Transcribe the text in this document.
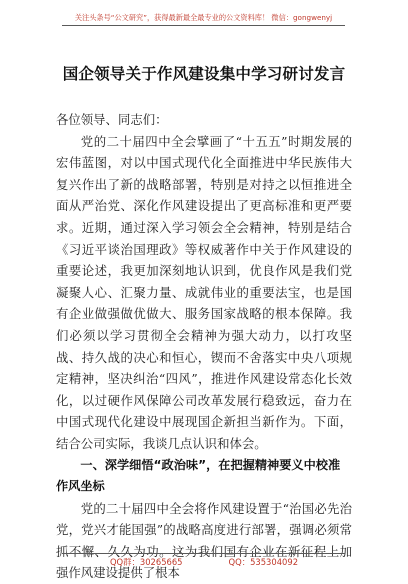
关注头条号“公文研究”，获得最新最全最专业的公文资料库！ 微信：gongwenyj
国企领导关于作风建设集中学习研讨发言

各位领导、同志们：

党的二十届四中全会擘画了“十五五”时期发展的宏伟蓝图，对以中国式现代化全面推进中华民族伟大复兴作出了新的战略部署，特别是对持之以恒推进全面从严治党、深化作风建设提出了更高标准和更严要求。近期，通过深入学习领会全会精神，特别是结合《习近平谈治国理政》等权威著作中关于作风建设的重要论述，我更加深刻地认识到，优良作风是我们党凝聚人心、汇聚力量、成就伟业的重要法宝，也是国有企业做强做优做大、服务国家战略的根本保障。我们必须以学习贯彻全会精神为强大动力，以打攻坚战、持久战的决心和恒心，锲而不舍落实中央八项规定精神，坚决纠治“四风”，推进作风建设常态化长效化，以过硬作风保障公司改革发展行稳致远，奋力在中国式现代化建设中展现国企新担当新作为。下面，结合公司实际，我谈几点认识和体会。

一、深学细悟“政治味”，在把握精神要义中校准作风坐标

党的二十届四中全会将作风建设置于“治国必先治党，党兴才能国强”的战略高度进行部署，强调必须常抓不懈、久久为功。这为我们国有企业在新征程上加强作风建设提供了根本

QQ群：30265665	QQ：535304092
